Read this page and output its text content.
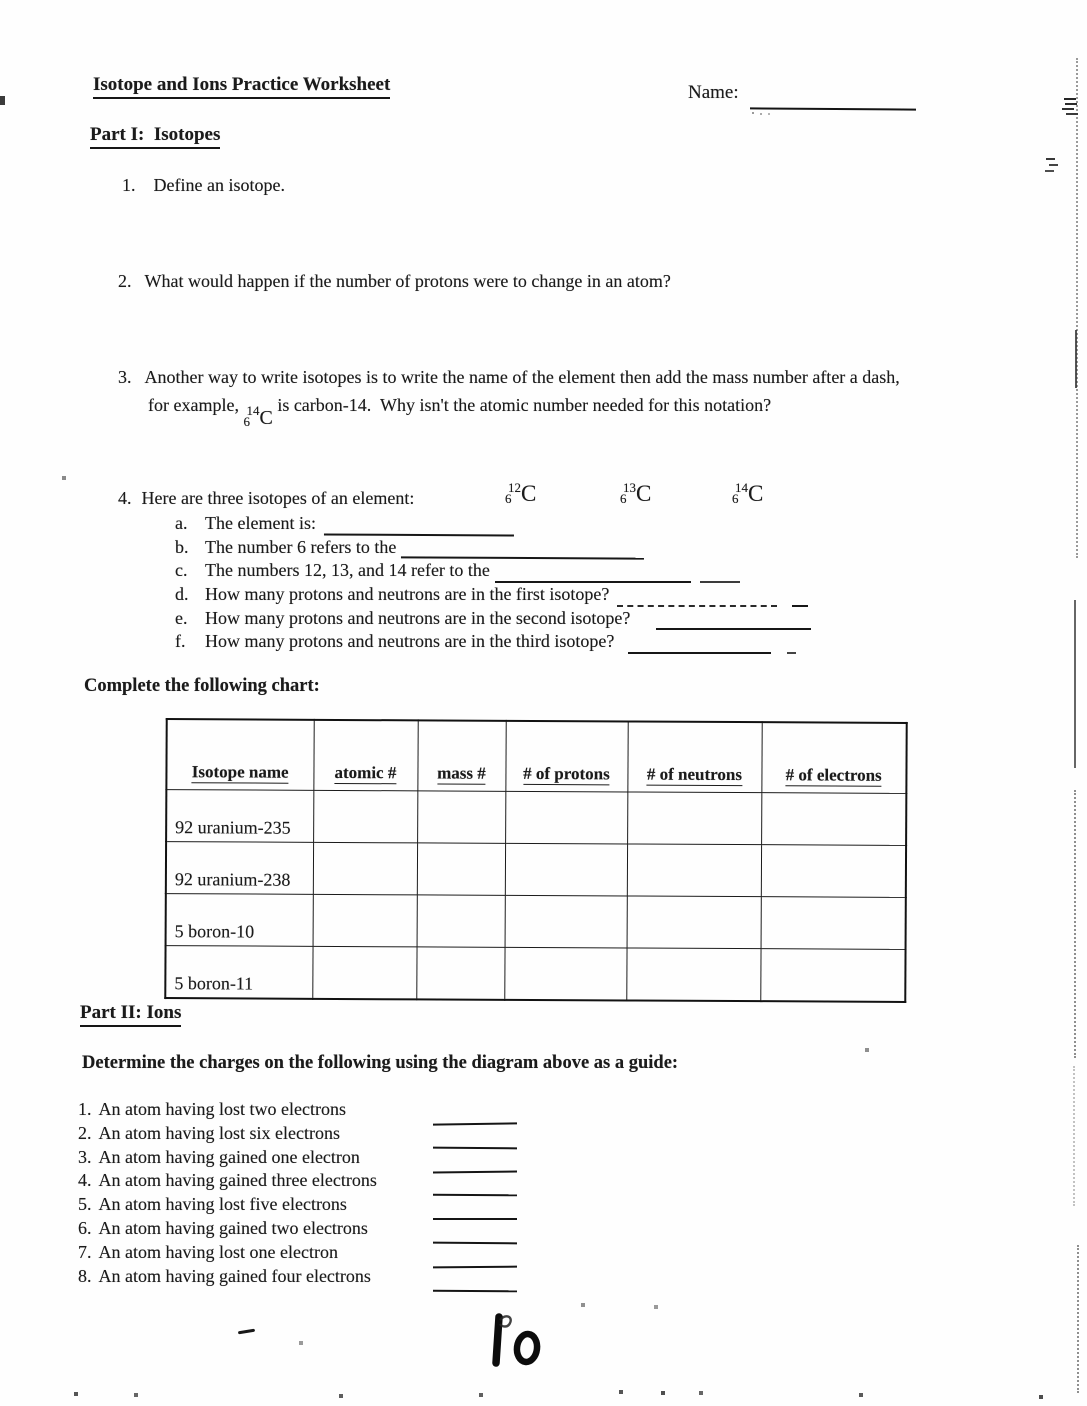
Isotope and Ions Practice Worksheet	Name:
Part I:  Isotopes
1. Define an isotope.
2. What would happen if the number of protons were to change in an atom?
3. Another way to write isotopes is to write the name of the element then add the mass number after a dash,
for example, 14
6 C
is carbon-14.  Why isn't the atomic number needed for this notation?
4. Here are three isotopes of an element:
12
6 C	13
6 C	14
6 C
a. The element is:
b. The number 6 refers to the
c. The numbers 12, 13, and 14 refer to the
d. How many protons and neutrons are in the first isotope?
e. How many protons and neutrons are in the second isotope?
f.	How many protons and neutrons are in the third isotope?
Complete the following chart:
Isotope name	atomic #	mass #	# of protons	# of neutrons	# of electrons
92 uranium-235					
92 uranium-238					
5 boron-10					
5 boron-11					
Part II: Ions
Determine the charges on the following using the diagram above as a guide:
1. An atom having lost two electrons
2. An atom having lost six electrons
3. An atom having gained one electron
4. An atom having gained three electrons
5. An atom having lost five electrons
6. An atom having gained two electrons
7. An atom having lost one electron
8. An atom having gained four electrons
